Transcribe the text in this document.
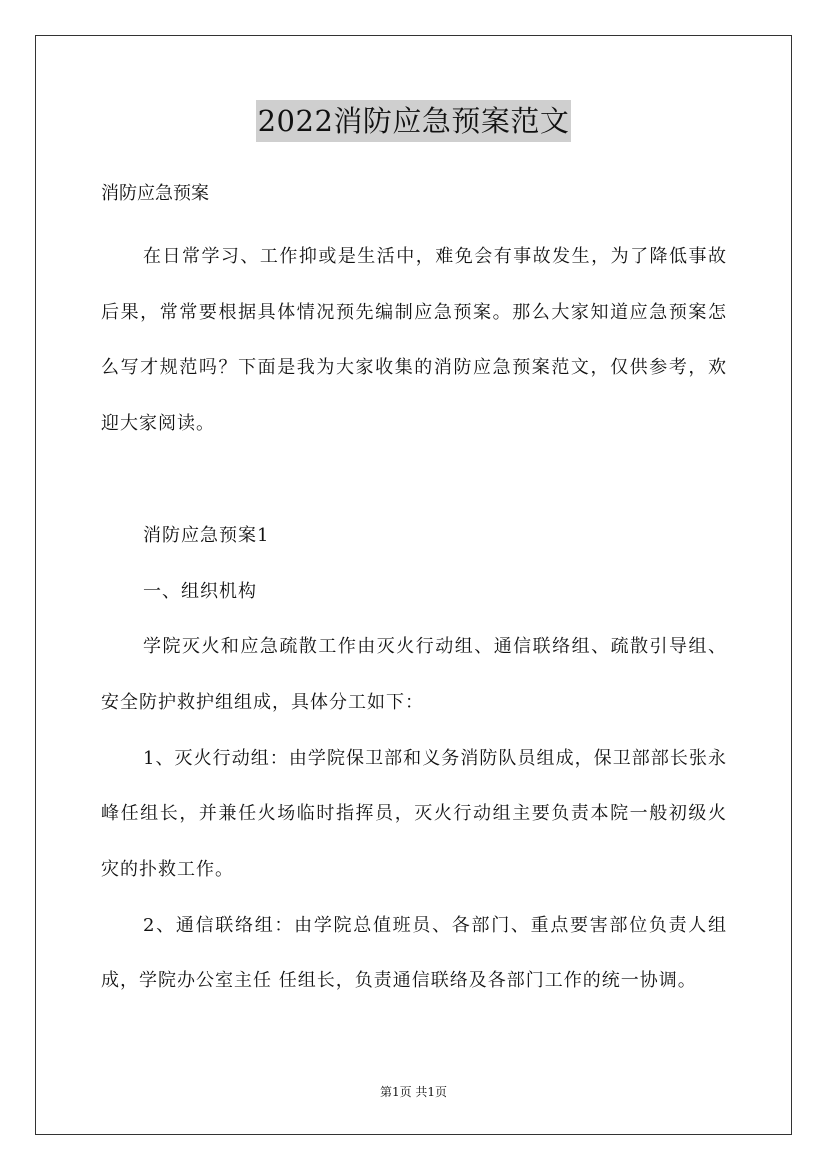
2022消防应急预案范文
消防应急预案

在日常学习、工作抑或是生活中，难免会有事故发生，为了降低事故后果，常常要根据具体情况预先编制应急预案。那么大家知道应急预案怎么写才规范吗？下面是我为大家收集的消防应急预案范文，仅供参考，欢迎大家阅读。

消防应急预案1

一、组织机构

学院灭火和应急疏散工作由灭火行动组、通信联络组、疏散引导组、安全防护救护组组成，具体分工如下：

1、灭火行动组：由学院保卫部和义务消防队员组成，保卫部部长张永峰任组长，并兼任火场临时指挥员，灭火行动组主要负责本院一般初级火灾的扑救工作。

2、通信联络组：由学院总值班员、各部门、重点要害部位负责人组成，学院办公室主任 任组长，负责通信联络及各部门工作的统一协调。

第1页 共1页
